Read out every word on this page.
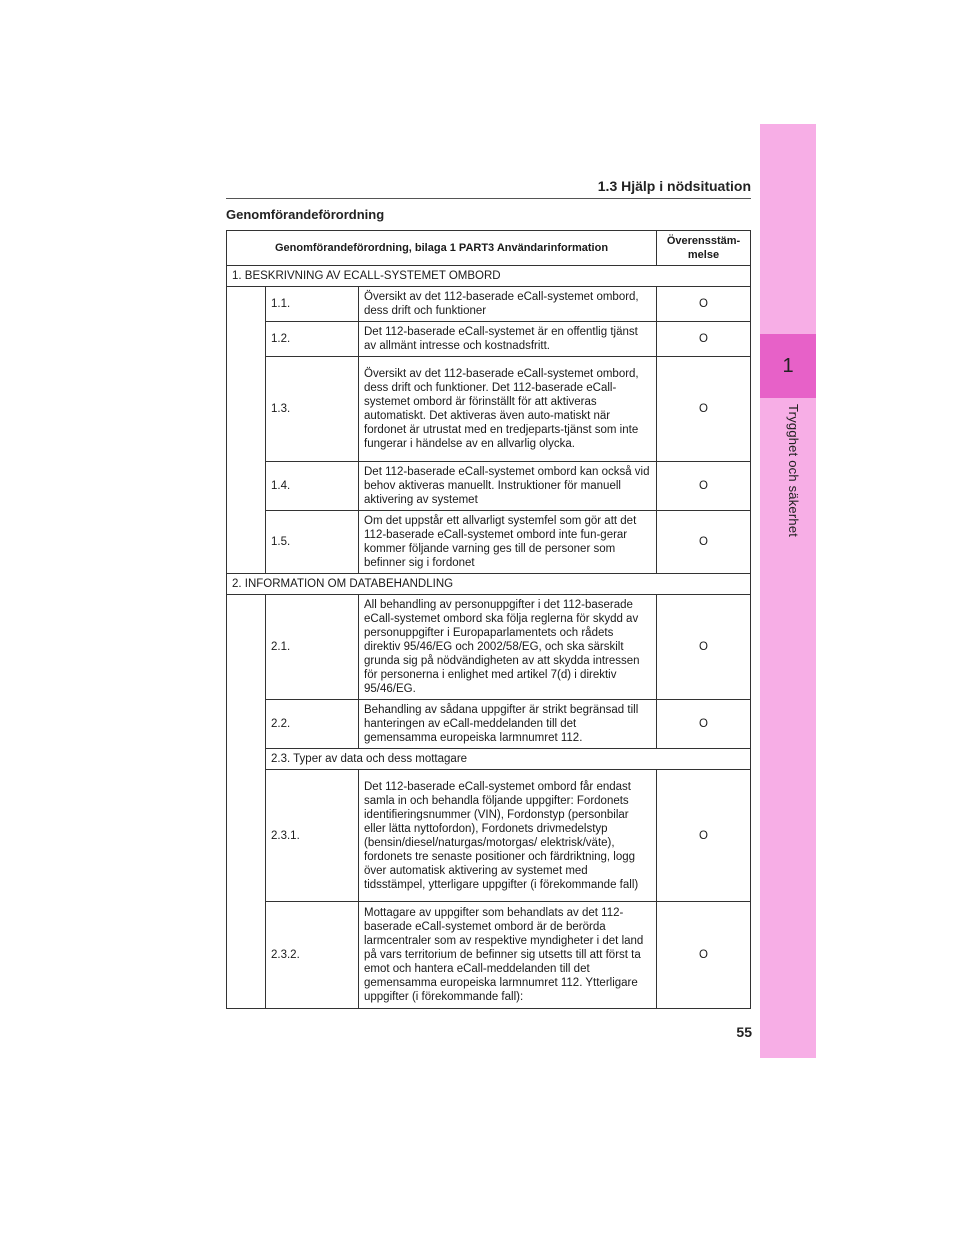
1
Trygghet och säkerhet
1.3 Hjälp i nödsituation
Genomförandeförordning
Genomförandeförordning, bilaga 1 PART3 Användarinformation			Överensstäm-melse
1. BESKRIVNING AV ECALL-SYSTEMET OMBORD			
	1.1.	Översikt av det 112-baserade eCall-systemet ombord, dess drift och funktioner	O
	1.2.	Det 112-baserade eCall-systemet är en offentlig tjänst av allmänt intresse och kostnadsfritt.	O
	1.3.	Översikt av det 112-baserade eCall-systemet ombord, dess drift och funktioner. Det 112-baserade eCall-systemet ombord är förinställt för att aktiveras automatiskt. Det aktiveras även auto-matiskt när fordonet är utrustat med en tredjeparts-tjänst som inte fungerar i händelse av en allvarlig olycka.	O
	1.4.	Det 112-baserade eCall-systemet ombord kan också vid behov aktiveras manuellt. Instruktioner för manuell aktivering av systemet	O
	1.5.	Om det uppstår ett allvarligt systemfel som gör att det 112-baserade eCall-systemet ombord inte fun-gerar kommer följande varning ges till de personer som befinner sig i fordonet	O
2. INFORMATION OM DATABEHANDLING			
	2.1.	All behandling av personuppgifter i det 112-baserade eCall-systemet ombord ska följa reglerna för skydd av personuppgifter i Europaparlamentets och rådets direktiv 95/46/EG och 2002/58/EG, och ska särskilt grunda sig på nödvändigheten av att skydda intressen för personerna i enlighet med artikel 7(d) i direktiv 95/46/EG.	O
	2.2.	Behandling av sådana uppgifter är strikt begränsad till hanteringen av eCall-meddelanden till det gemensamma europeiska larmnumret 112.	O
	2.3. Typer av data och dess mottagare		
	2.3.1.	Det 112-baserade eCall-systemet ombord får endast samla in och behandla följande uppgifter: Fordonets identifieringsnummer (VIN), Fordonstyp (personbilar eller lätta nyttofordon), Fordonets drivmedelstyp (bensin/diesel/naturgas/motorgas/ elektrisk/väte), fordonets tre senaste positioner och färdriktning, logg över automatisk aktivering av systemet med tidsstämpel, ytterligare uppgifter (i förekommande fall)	O
	2.3.2.	Mottagare av uppgifter som behandlats av det 112-baserade eCall-systemet ombord är de berörda larmcentraler som av respektive myndigheter i det land på vars territorium de befinner sig utsetts till att först ta emot och hantera eCall-meddelanden till det gemensamma europeiska larmnumret 112. Ytterligare uppgifter (i förekommande fall):	O
55
